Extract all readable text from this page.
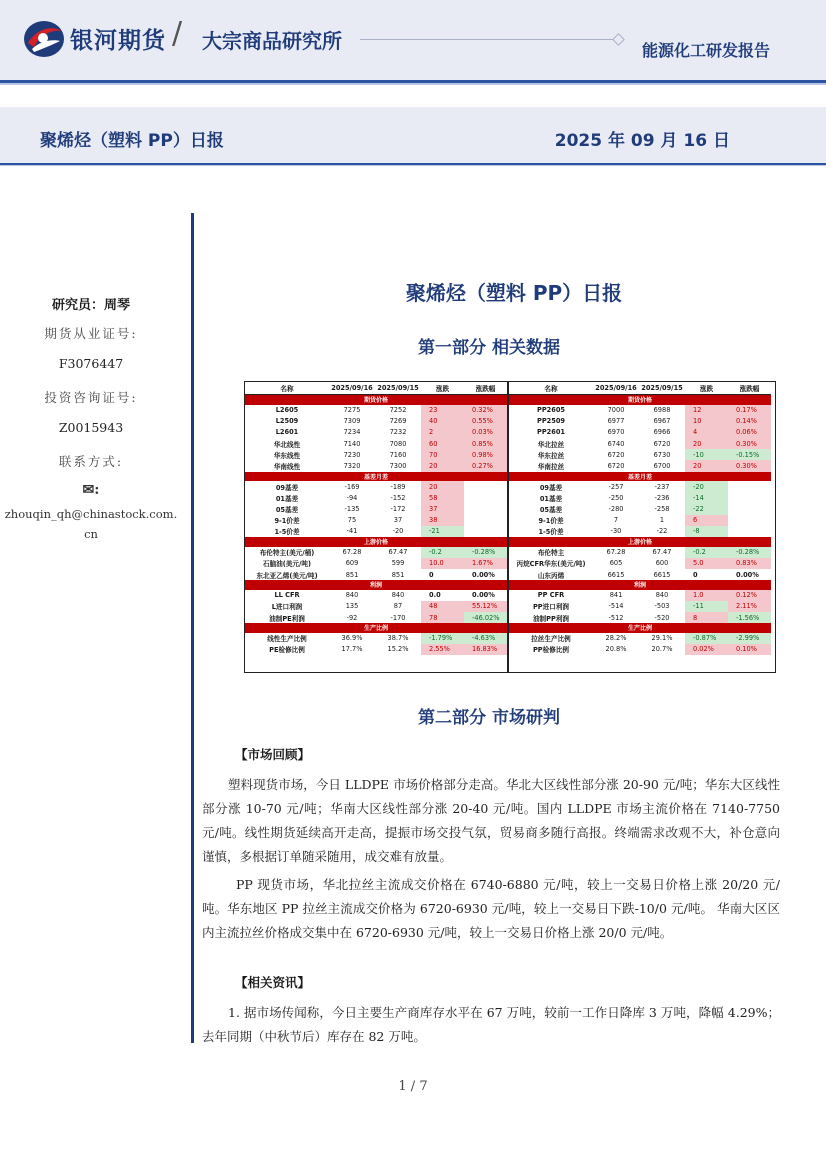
银河期货 / 大宗商品研究所	能源化工研发报告
聚烯烃（塑料 PP）日报	2025 年 09 月 16 日
研究员：周琴
期货从业证号:
F3076447
投资咨询证号:
Z0015943
联系方式:
✉:
zhouqin_qh@chinastock.com.cn
聚烯烃（塑料 PP）日报
第一部分 相关数据
名称	2025/09/16	2025/09/15	涨跌	涨跌幅
期货价格				
L2605	7275	7252	23	0.32%
L2509	7309	7269	40	0.55%
L2601	7234	7232	2	0.03%
华北线性	7140	7080	60	0.85%
华东线性	7230	7160	70	0.98%
华南线性	7320	7300	20	0.27%
基差月差				
09基差	-169	-189	20	
01基差	-94	-152	58	
05基差	-135	-172	37	
9-1价差	75	37	38	
1-5价差	-41	-20	-21	
上游价格				
布伦特主(美元/桶)	67.28	67.47	-0.2	-0.28%
石脑油(美元/吨)	609	599	10.0	1.67%
东北亚乙烯(美元/吨)	851	851	0	0.00%
利润				
LL CFR	840	840	0.0	0.00%
L进口利润	135	87	48	55.12%
油制PE利润	-92	-170	78	-46.02%
生产比例				
线性生产比例	36.9%	38.7%	-1.79%	-4.63%
PE检修比例	17.7%	15.2%	2.55%	16.83%
名称	2025/09/16	2025/09/15	涨跌	涨跌幅
期货价格				
PP2605	7000	6988	12	0.17%
PP2509	6977	6967	10	0.14%
PP2601	6970	6966	4	0.06%
华北拉丝	6740	6720	20	0.30%
华东拉丝	6720	6730	-10	-0.15%
华南拉丝	6720	6700	20	0.30%
基差月差				
09基差	-257	-237	-20	
01基差	-250	-236	-14	
05基差	-280	-258	-22	
9-1价差	7	1	6	
1-5价差	-30	-22	-8	
上游价格				
布伦特主	67.28	67.47	-0.2	-0.28%
丙烷CFR华东(美元/吨)	605	600	5.0	0.83%
山东丙烯	6615	6615	0	0.00%
利润				
PP CFR	841	840	1.0	0.12%
PP进口利润	-514	-503	-11	2.11%
油制PP利润	-512	-520	8	-1.56%
生产比例				
拉丝生产比例	28.2%	29.1%	-0.87%	-2.99%
PP检修比例	20.8%	20.7%	0.02%	0.10%
第二部分 市场研判
【市场回顾】
塑料现货市场，今日 LLDPE 市场价格部分走高。华北大区线性部分涨 20-90 元/吨；华东大区线性部分涨 10-70 元/吨；华南大区线性部分涨 20-40 元/吨。国内 LLDPE 市场主流价格在 7140-7750 元/吨。线性期货延续高开走高，提振市场交投气氛，贸易商多随行高报。终端需求改观不大，补仓意向谨慎，多根据订单随采随用，成交难有放量。
PP 现货市场，华北拉丝主流成交价格在 6740-6880 元/吨，较上一交易日价格上涨 20/20 元/吨。华东地区 PP 拉丝主流成交价格为 6720-6930 元/吨，较上一交易日下跌-10/0 元/吨。 华南大区区内主流拉丝价格成交集中在 6720-6930 元/吨，较上一交易日价格上涨 20/0 元/吨。
【相关资讯】
1. 据市场传闻称，今日主要生产商库存水平在 67 万吨，较前一工作日降库 3 万吨，降幅 4.29%；去年同期（中秋节后）库存在 82 万吨。
1 / 7
